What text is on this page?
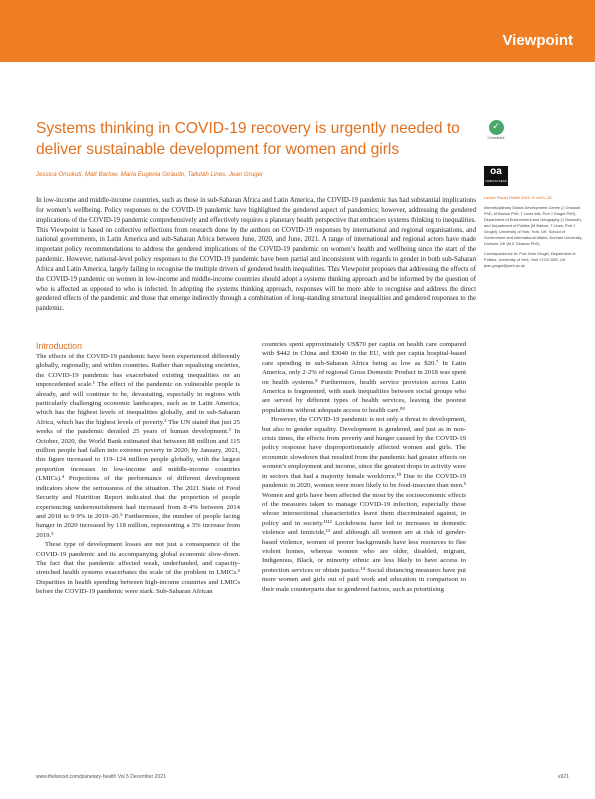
Viewpoint
Systems thinking in COVID-19 recovery is urgently needed to deliver sustainable development for women and girls
✓
CrossMark
oa
OPEN ACCESS
Jessica Omukuti, Matt Barlow, Maria Eugenia Giraudo, Tallulah Lines, Jean Grugel

In low-income and middle-income countries, such as those in sub-Saharan Africa and Latin America, the COVID-19 pandemic has had substantial implications for women’s wellbeing. Policy responses to the COVID-19 pandemic have highlighted the gendered aspect of pandemics; however, addressing the gendered implications of the COVID-19 pandemic comprehensively and effectively requires a planetary health perspective that embraces systems thinking to inequalities. This Viewpoint is based on collective reflections from research done by the authors on COVID-19 responses by international and regional organisations, and national governments, in Latin America and sub-Saharan Africa between June, 2020, and June, 2021. A range of international and regional actors have made important policy recommendations to address the gendered implications of the COVID-19 pandemic on women’s health and wellbeing since the start of the pandemic. However, national-level policy responses to the COVID-19 pandemic have been partial and inconsistent with regards to gender in both sub-Saharan Africa and Latin America, largely failing to recognise the multiple drivers of gendered health inequalities. This Viewpoint proposes that addressing the effects of the COVID-19 pandemic on women in low-income and middle-income countries should adopt a systems thinking approach and be informed by the question of who is affected as opposed to who is infected. In adopting the systems thinking approach, responses will be more able to recognise and address the direct gendered effects of the pandemic and those that emerge indirectly through a combination of long-standing structural inequalities and gendered responses to the pandemic.

Lancet Planet Health 2021; 5: e921–28

Interdisciplinary Global Development Centre (J Omukuti PhD, M Barlow PhD, T Lines MA, Prof J Grugel PhD), Department of Environment and Geography (J Omukuti), and Department of Politics (M Barlow, T Lines, Prof J Grugel), University of York, York, UK; School of Government and International Affairs, Durham University, Durham, UK (M E Giraudo PhD)

Correspondence to: Prof Jean Grugel, Department of Politics, University of York, York YO10 5DD, UK jean.grugel@york.ac.uk

Introduction

The effects of the COVID-19 pandemic have been experienced differently globally, regionally, and within countries. Rather than equalising societies, the COVID-19 pandemic has exacerbated existing inequalities on an unprecedented scale.¹ The effect of the pandemic on vulnerable people is already, and will continue to be, devastating, especially in regions with particularly challenging economic landscapes, such as in Latin America, which has the highest levels of inequalities globally, and in sub-Saharan Africa, which has the highest levels of poverty.² The UN stated that just 25 weeks of the pandemic derailed 25 years of human development.³ In October, 2020, the World Bank estimated that between 88 million and 115 million people had fallen into extreme poverty in 2020; by January, 2021, this figure increased to 119–124 million people globally, with the largest proportion increases in low-income and middle-income countries (LMICs).⁴ Projections of the performance of different development indicators show the seriousness of the situation. The 2021 State of Food Security and Nutrition Report indicated that the proportion of people experiencing undernourishment had increased from 8·4% between 2014 and 2018 to 9·9% in 2019–20.⁵ Furthermore, the number of people facing hunger in 2020 increased by 118 million, representing a 3% increase from 2019.⁵

These type of development losses are not just a consequence of the COVID-19 pandemic and its accompanying global economic slow-down. The fact that the pandemic affected weak, underfunded, and capacity-stretched health systems exacerbates the scale of the problem in LMICs.⁶ Disparities in health spending between high-income countries and LMICs before the COVID-19 pandemic were stark. Sub-Saharan African

countries spent approximately US$70 per capita on health care compared with $442 in China and $3040 in the EU, with per capita hospital-based care spending in sub-Saharan Africa being as low as $20.⁷ In Latin America, only 2·2% of regional Gross Domestic Product in 2018 was spent on health systems.⁸ Furthermore, health service provision across Latin America is fragmented, with stark inequalities between social groups who are served by different types of health services, leaving the poorest populations without adequate access to health care.⁸⁹

However, the COVID-19 pandemic is not only a threat to development, but also to gender equality. Development is gendered, and just as in non-crisis times, the effects from poverty and hunger caused by the COVID-19 policy response have disproportionately affected women and girls. The economic slowdown that resulted from the pandemic had greater effects on women’s employment and income, since the greatest drops in activity were in sectors that had a majority female workforce.¹⁰ Due to the COVID-19 pandemic in 2020, women were more likely to be food-insecure than men.⁵ Women and girls have been affected the most by the socioeconomic effects of the measures taken to manage COVID-19 infection, especially those whose intersectional characteristics leave them discriminated against, in policy and in society.¹¹¹² Lockdowns have led to increases in domestic violence and femicide,¹³ and although all women are at risk of gender-based violence, women of poorer backgrounds have less resources to flee violent homes, whereas women who are older, disabled, migrant, Indigenous, Black, or minority ethnic are less likely to have access to protection services or obtain justice.¹⁴ Social distancing measures have put more women and girls out of paid work and education in comparison to their male counterparts due to gendered factors, such as prioritising

www.thelancet.com/planetary-health Vol 5 December 2021	e921
